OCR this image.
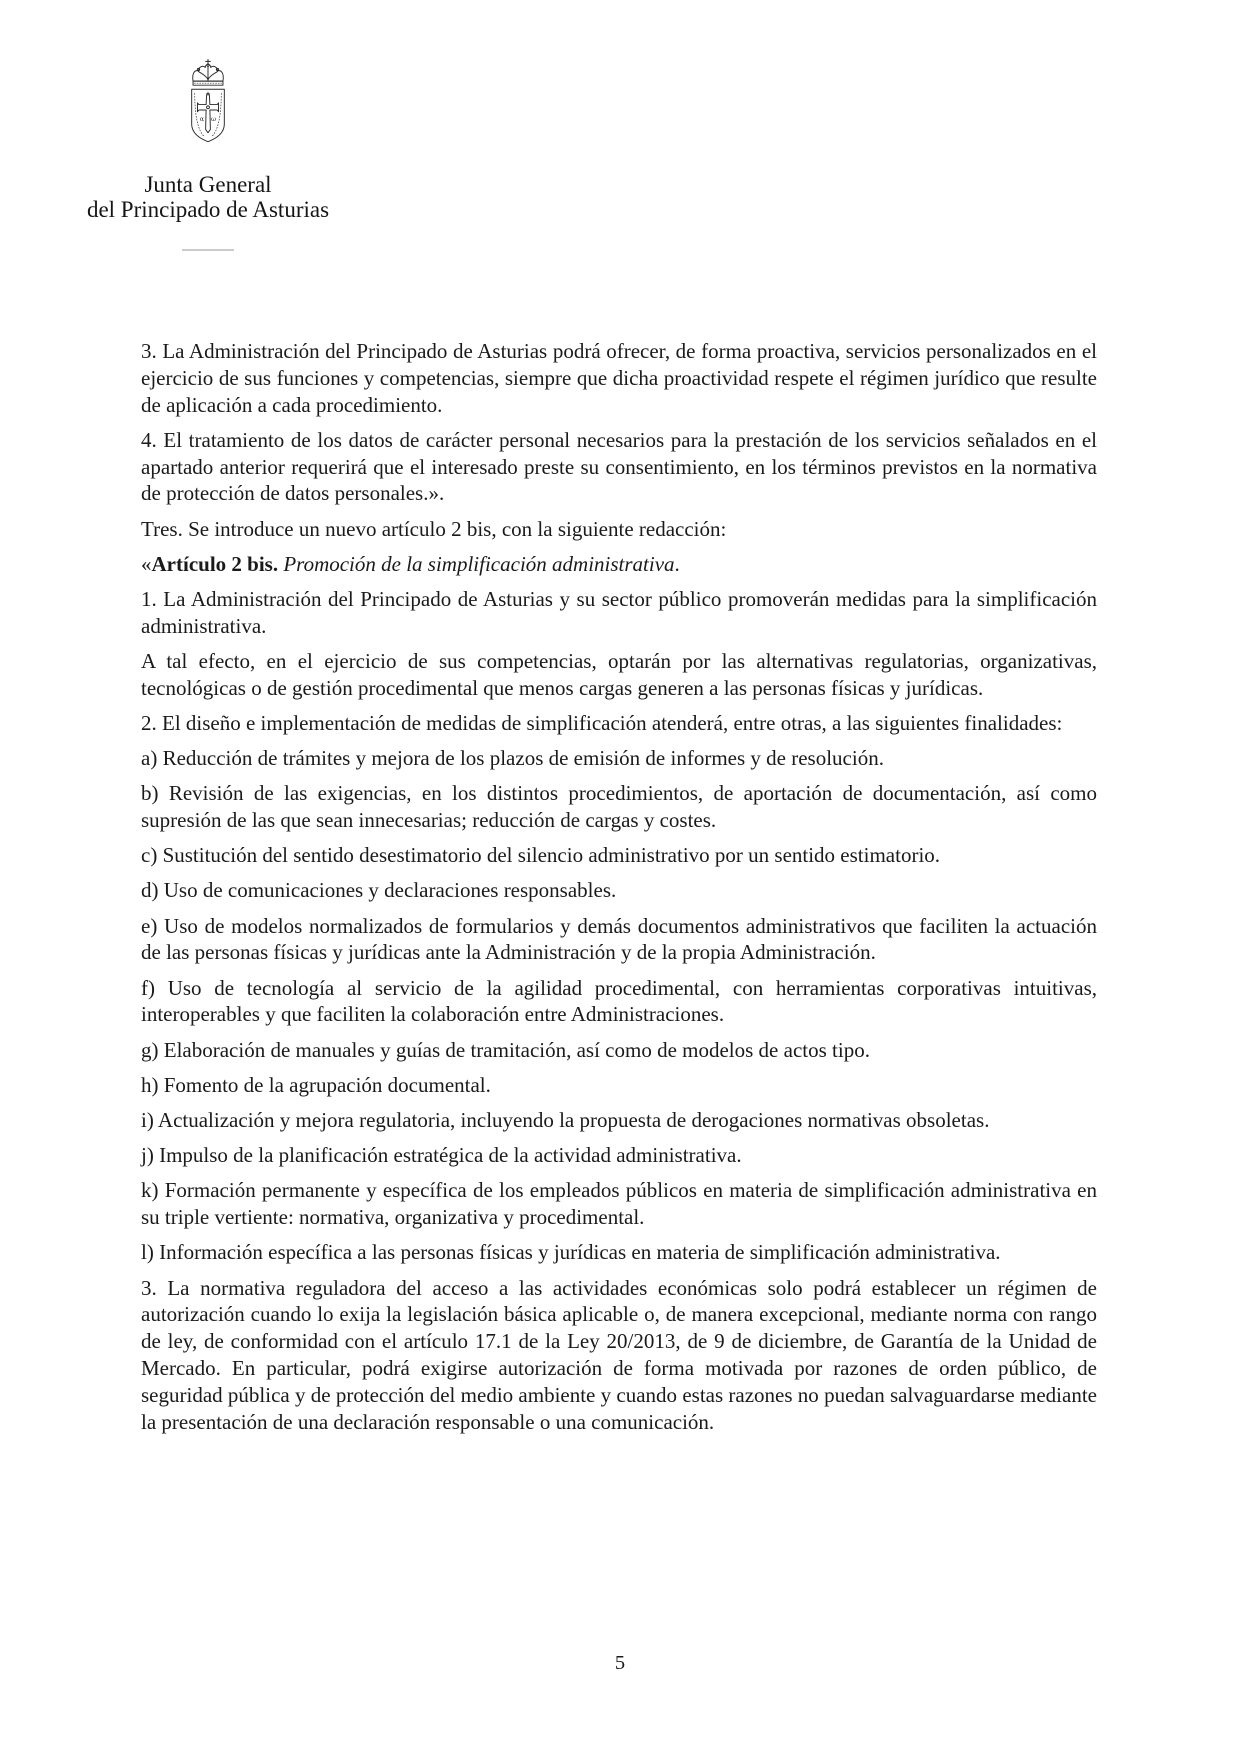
α ω
Junta General
del Principado de Asturias

3. La Administración del Principado de Asturias podrá ofrecer, de forma proactiva, servicios personalizados en el ejercicio de sus funciones y competencias, siempre que dicha proactividad respete el régimen jurídico que resulte de aplicación a cada procedimiento.

4. El tratamiento de los datos de carácter personal necesarios para la prestación de los servicios señalados en el apartado anterior requerirá que el interesado preste su consentimiento, en los términos previstos en la normativa de protección de datos personales.».

Tres. Se introduce un nuevo artículo 2 bis, con la siguiente redacción:

«Artículo 2 bis. Promoción de la simplificación administrativa.

1. La Administración del Principado de Asturias y su sector público promoverán medidas para la simplificación administrativa.

A tal efecto, en el ejercicio de sus competencias, optarán por las alternativas regulatorias, organizativas, tecnológicas o de gestión procedimental que menos cargas generen a las personas físicas y jurídicas.

2. El diseño e implementación de medidas de simplificación atenderá, entre otras, a las siguientes finalidades:

a) Reducción de trámites y mejora de los plazos de emisión de informes y de resolución.

b) Revisión de las exigencias, en los distintos procedimientos, de aportación de documentación, así como supresión de las que sean innecesarias; reducción de cargas y costes.

c) Sustitución del sentido desestimatorio del silencio administrativo por un sentido estimatorio.

d) Uso de comunicaciones y declaraciones responsables.

e) Uso de modelos normalizados de formularios y demás documentos administrativos que faciliten la actuación de las personas físicas y jurídicas ante la Administración y de la propia Administración.

f) Uso de tecnología al servicio de la agilidad procedimental, con herramientas corporativas intuitivas, interoperables y que faciliten la colaboración entre Administraciones.

g) Elaboración de manuales y guías de tramitación, así como de modelos de actos tipo.

h) Fomento de la agrupación documental.

i) Actualización y mejora regulatoria, incluyendo la propuesta de derogaciones normativas obsoletas.

j) Impulso de la planificación estratégica de la actividad administrativa.

k) Formación permanente y específica de los empleados públicos en materia de simplificación administrativa en su triple vertiente: normativa, organizativa y procedimental.

l) Información específica a las personas físicas y jurídicas en materia de simplificación administrativa.

3. La normativa reguladora del acceso a las actividades económicas solo podrá establecer un régimen de autorización cuando lo exija la legislación básica aplicable o, de manera excepcional, mediante norma con rango de ley, de conformidad con el artículo 17.1 de la Ley 20/2013, de 9 de diciembre, de Garantía de la Unidad de Mercado. En particular, podrá exigirse autorización de forma motivada por razones de orden público, de seguridad pública y de protección del medio ambiente y cuando estas razones no puedan salvaguardarse mediante la presentación de una declaración responsable o una comunicación.

5
